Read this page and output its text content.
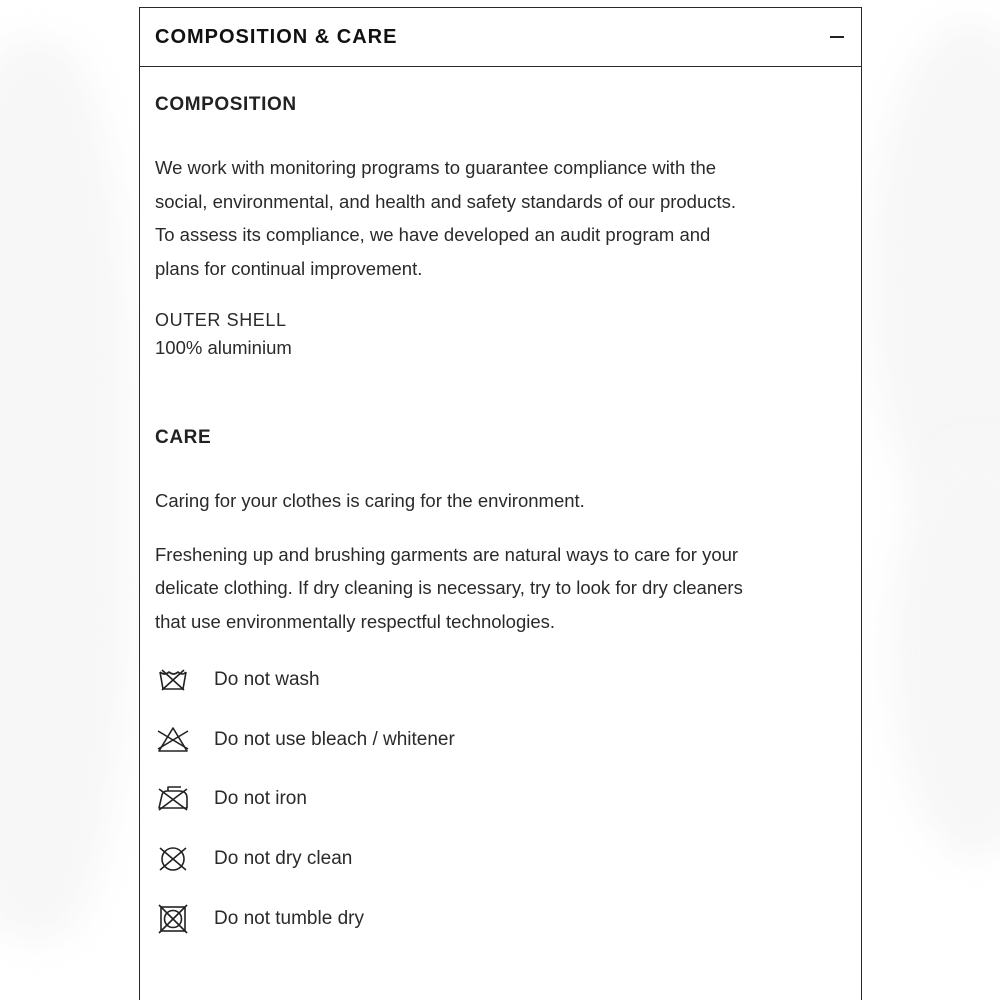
COMPOSITION & CARE
COMPOSITION

We work with monitoring programs to guarantee compliance with the
social, environmental, and health and safety standards of our products.
To assess its compliance, we have developed an audit program and
plans for continual improvement.

OUTER SHELL
100% aluminium
CARE

Caring for your clothes is caring for the environment.

Freshening up and brushing garments are natural ways to care for your
delicate clothing. If dry cleaning is necessary, try to look for dry cleaners
that use environmentally respectful technologies.

Do not wash
Do not use bleach / whitener
Do not iron
Do not dry clean
Do not tumble dry
